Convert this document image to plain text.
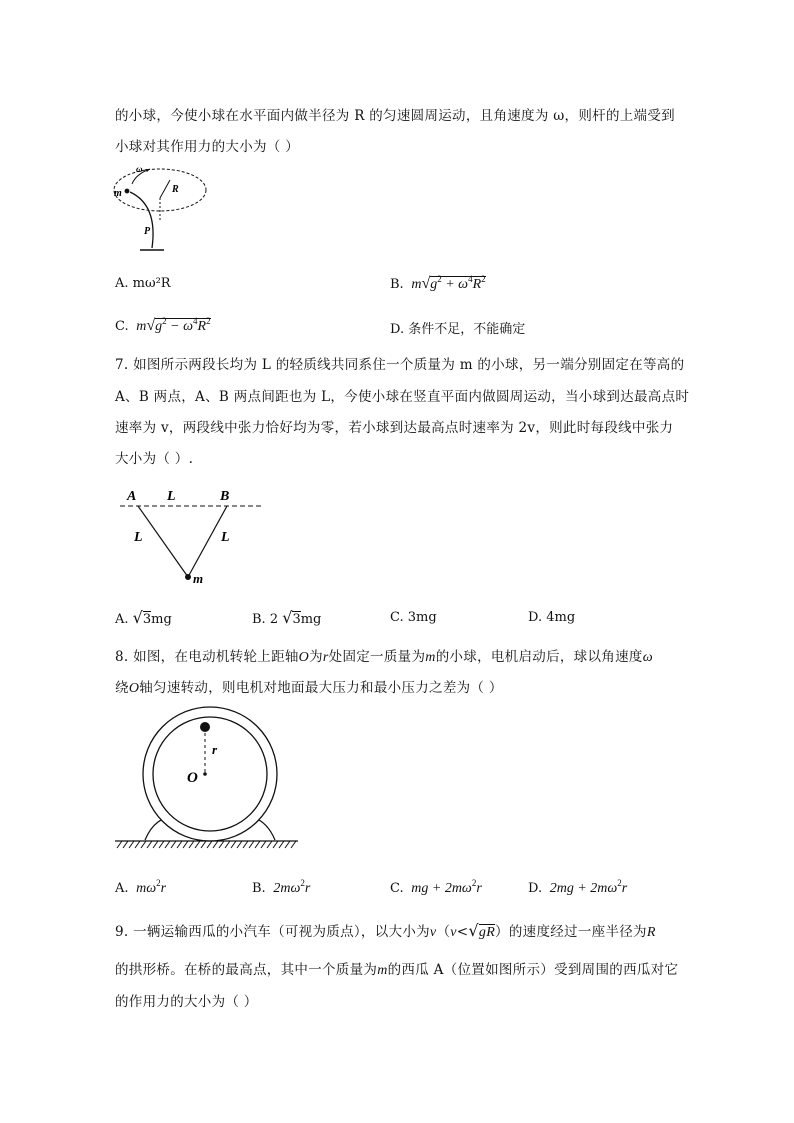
的小球，今使小球在水平面内做半径为 R 的匀速圆周运动，且角速度为 ω，则杆的上端受到
小球对其作用力的大小为（ ）
ω
m	R
P
A. mω²R	B.  $m√g^2 + \omega^4R^2$
C.  $m√g^2 - \omega^4R^2$
D. 条件不足，不能确定
7. 如图所示两段长均为 L 的轻质线共同系住一个质量为 m 的小球，另一端分别固定在等高的
A、B 两点，A、B 两点间距也为 L，今使小球在竖直平面内做圆周运动，当小球到达最高点时
速率为 v，两段线中张力恰好均为零，若小球到达最高点时速率为 2v，则此时每段线中张力
大小为（ ）.
A L	B
L	L
m
A. √3mg	B. 2 √3mg	C. 3mg	D. 4mg
8. 如图，在电动机转轮上距轴O为r处固定一质量为m的小球，电机启动后，球以角速度ω
绕O轴匀速转动，则电机对地面最大压力和最小压力之差为（ ）
r
O
A.  $m\omega^2r$	B.  $2m\omega^2r$	C.  mg + $2m\omega^2r$	D.  $2mg + 2m\omega^2r$
9. 一辆运输西瓜的小汽车（可视为质点），以大小为v（v<√gR）的速度经过一座半径为R
的拱形桥。在桥的最高点，其中一个质量为m的西瓜 A（位置如图所示）受到周围的西瓜对它
的作用力的大小为（ ）
